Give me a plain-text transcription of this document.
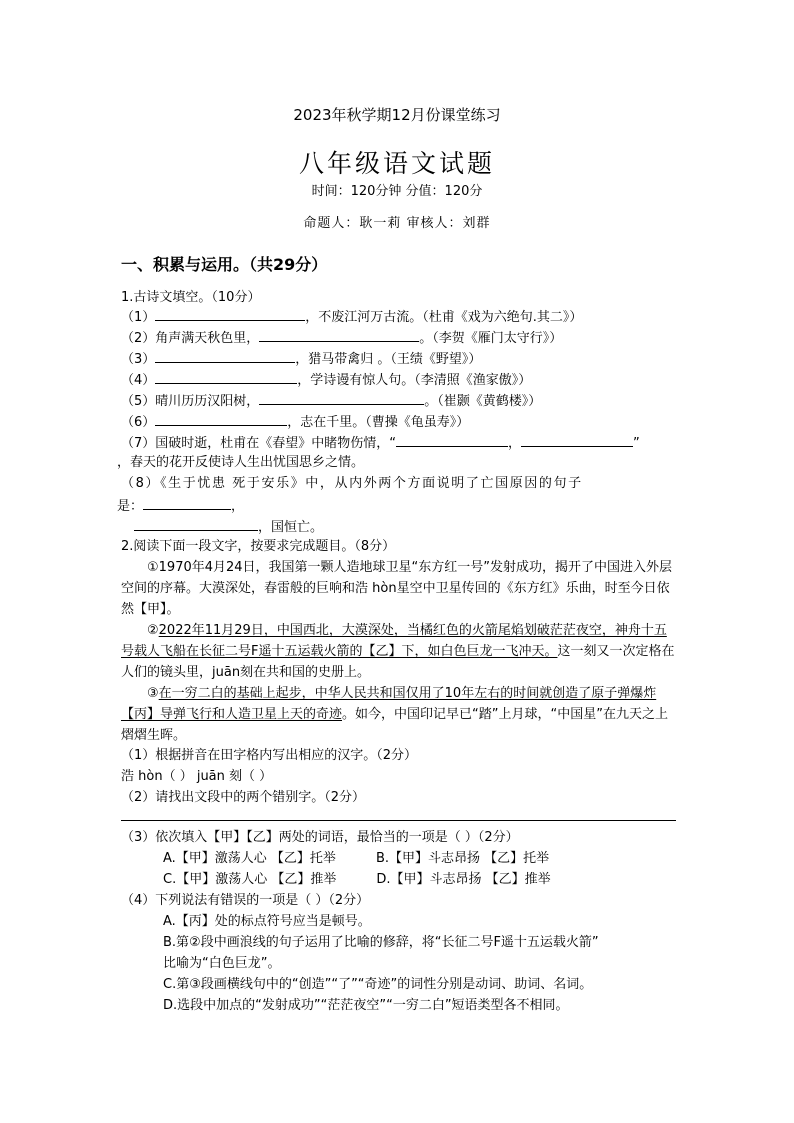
2023年秋学期12月份课堂练习
八年级语文试题
时间：120分钟 分值：120分
命题人：耿一莉 审核人：刘群
一、积累与运用。（共29分）
1.古诗文填空。（10分）
（1）	，不废江河万古流。（杜甫《戏为六绝句.其二》）
（2）角声满天秋色里，	。（李贺《雁门太守行》）
（3）	，猎马带禽归 。（王绩《野望》）
（4）	，学诗谩有惊人句。（李清照《渔家傲》）
（5）晴川历历汉阳树，	。（崔颢《黄鹤楼》）
（6）	，志在千里。（曹操《龟虽寿》）
（7）国破时逝，杜甫在《春望》中睹物伤情，“	，	”
，春天的花开反使诗人生出忧国思乡之情。
（8）《生于忧患 死于安乐》中，从内外两个方面说明了亡国原因的句子
是：	，
，国恒亡。
2.阅读下面一段文字，按要求完成题目。（8分）
①1970年4月24日，我国第一颗人造地球卫星“东方红一号”发射成功，揭开了中国进入外层空间的序幕。大漠深处，春雷般的巨响和浩 hòn星空中卫星传回的《东方红》乐曲，时至今日依然【甲】。
②2022年11月29日，中国西北，大漠深处，当橘红色的火箭尾焰划破茫茫夜空，神舟十五号载人飞船在长征二号F遥十五运载火箭的【乙】下，如白色巨龙一飞冲天。这一刻又一次定格在人们的镜头里，juān刻在共和国的史册上。
③在一穷二白的基础上起步，中华人民共和国仅用了10年左右的时间就创造了原子弹爆炸【丙】导弹飞行和人造卫星上天的奇迹。如今，中国印记早已“踏”上月球，“中国星”在九天之上熠熠生晖。
（1）根据拼音在田字格内写出相应的汉字。（2分）
浩 hòn（ ） juān 刻（ ）
（2）请找出文段中的两个错别字。（2分）
（3）依次填入【甲】【乙】两处的词语，最恰当的一项是（ ）（2分）
A.【甲】激荡人心 【乙】托举	B.【甲】斗志昂扬 【乙】托举
C.【甲】激荡人心 【乙】推举	D.【甲】斗志昂扬 【乙】推举
（4）下列说法有错误的一项是（ ）（2分）
A.【丙】处的标点符号应当是顿号。
B.第②段中画浪线的句子运用了比喻的修辞，将“长征二号F遥十五运载火箭”
比喻为“白色巨龙”。
C.第③段画横线句中的“创造”“了”“奇迹”的词性分别是动词、助词、名词。
D.选段中加点的“发射成功”“茫茫夜空”“一穷二白”短语类型各不相同。
